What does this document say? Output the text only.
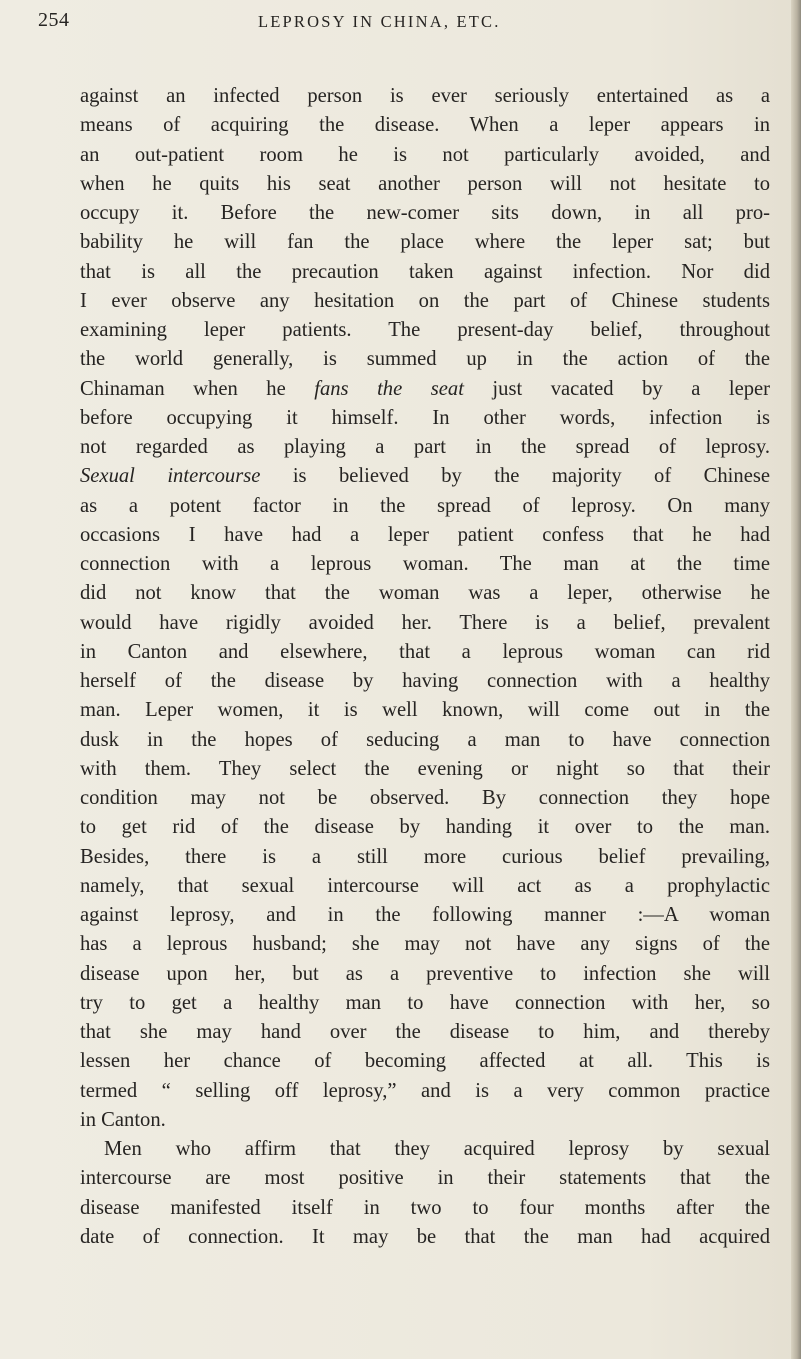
254	LEPROSY IN CHINA, ETC.
against an infected person is ever seriously entertained as a
means of acquiring the disease. When a leper appears in
an out-patient room he is not particularly avoided, and
when he quits his seat another person will not hesitate to
occupy it. Before the new-comer sits down, in all pro-
bability he will fan the place where the leper sat; but
that is all the precaution taken against infection. Nor did
I ever observe any hesitation on the part of Chinese students
examining leper patients. The present-day belief, throughout
the world generally, is summed up in the action of the
Chinaman when he fans the seat just vacated by a leper
before occupying it himself. In other words, infection is
not regarded as playing a part in the spread of leprosy.
Sexual intercourse is believed by the majority of Chinese
as a potent factor in the spread of leprosy. On many
occasions I have had a leper patient confess that he had
connection with a leprous woman. The man at the time
did not know that the woman was a leper, otherwise he
would have rigidly avoided her. There is a belief, prevalent
in Canton and elsewhere, that a leprous woman can rid
herself of the disease by having connection with a healthy
man. Leper women, it is well known, will come out in the
dusk in the hopes of seducing a man to have connection
with them. They select the evening or night so that their
condition may not be observed. By connection they hope
to get rid of the disease by handing it over to the man.
Besides, there is a still more curious belief prevailing,
namely, that sexual intercourse will act as a prophylactic
against leprosy, and in the following manner :—A woman
has a leprous husband; she may not have any signs of the
disease upon her, but as a preventive to infection she will
try to get a healthy man to have connection with her, so
that she may hand over the disease to him, and thereby
lessen her chance of becoming affected at all. This is
termed “ selling off leprosy,” and is a very common practice
in Canton.
Men who affirm that they acquired leprosy by sexual
intercourse are most positive in their statements that the
disease manifested itself in two to four months after the
date of connection. It may be that the man had acquired
